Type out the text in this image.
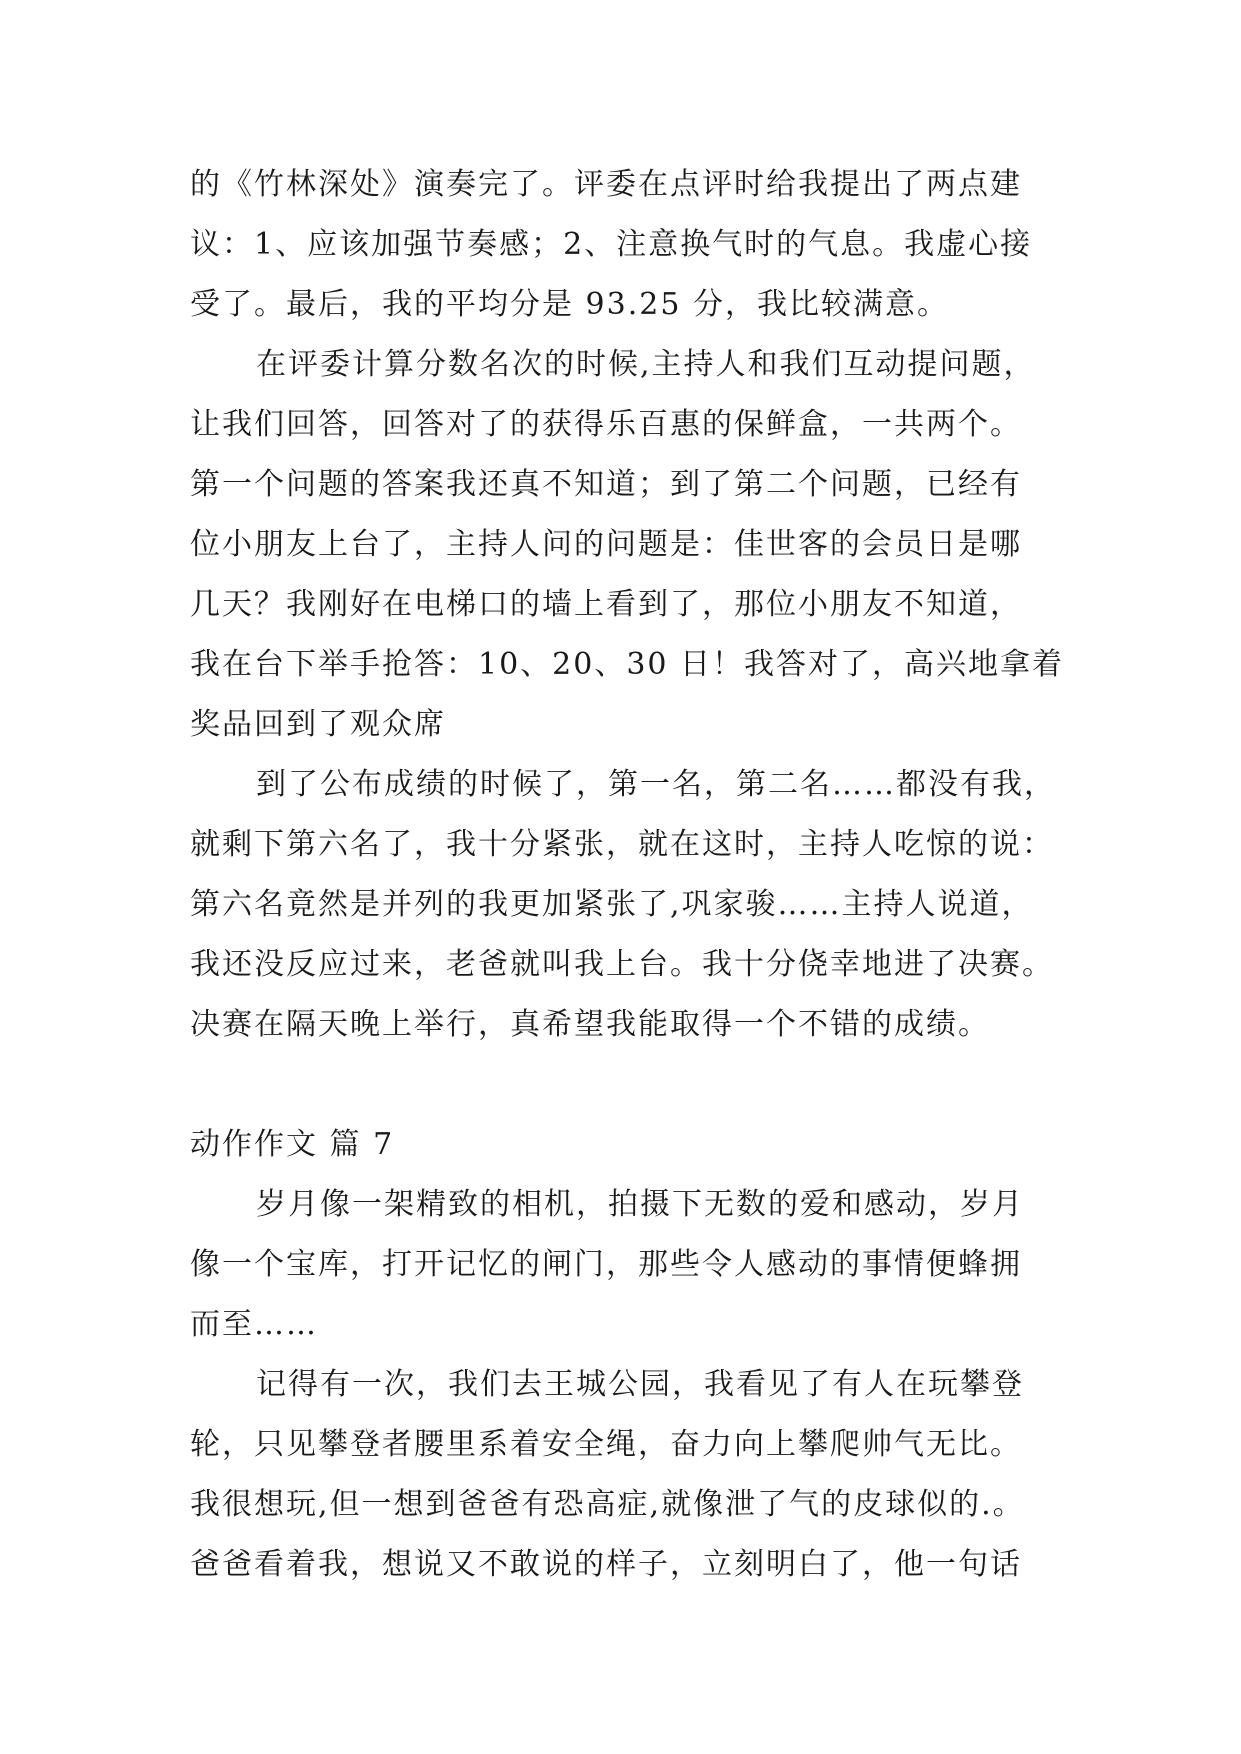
的《竹林深处》演奏完了。评委在点评时给我提出了两点建
议：1、应该加强节奏感；2、注意换气时的气息。我虚心接
受了。最后，我的平均分是 93.25 分，我比较满意。
在评委计算分数名次的时候,主持人和我们互动提问题，
让我们回答，回答对了的获得乐百惠的保鲜盒，一共两个。
第一个问题的答案我还真不知道；到了第二个问题，已经有
位小朋友上台了，主持人问的问题是：佳世客的会员日是哪
几天？我刚好在电梯口的墙上看到了，那位小朋友不知道，
我在台下举手抢答：10、20、30 日！我答对了，高兴地拿着
奖品回到了观众席
到了公布成绩的时候了，第一名，第二名……都没有我，
就剩下第六名了，我十分紧张，就在这时，主持人吃惊的说：
第六名竟然是并列的我更加紧张了,巩家骏……主持人说道，
我还没反应过来，老爸就叫我上台。我十分侥幸地进了决赛。
决赛在隔天晚上举行，真希望我能取得一个不错的成绩。
动作作文 篇 7
岁月像一架精致的相机，拍摄下无数的爱和感动，岁月
像一个宝库，打开记忆的闸门，那些令人感动的事情便蜂拥
而至……
记得有一次，我们去王城公园，我看见了有人在玩攀登
轮，只见攀登者腰里系着安全绳，奋力向上攀爬帅气无比。
我很想玩,但一想到爸爸有恐高症,就像泄了气的皮球似的.。
爸爸看着我，想说又不敢说的样子，立刻明白了，他一句话
